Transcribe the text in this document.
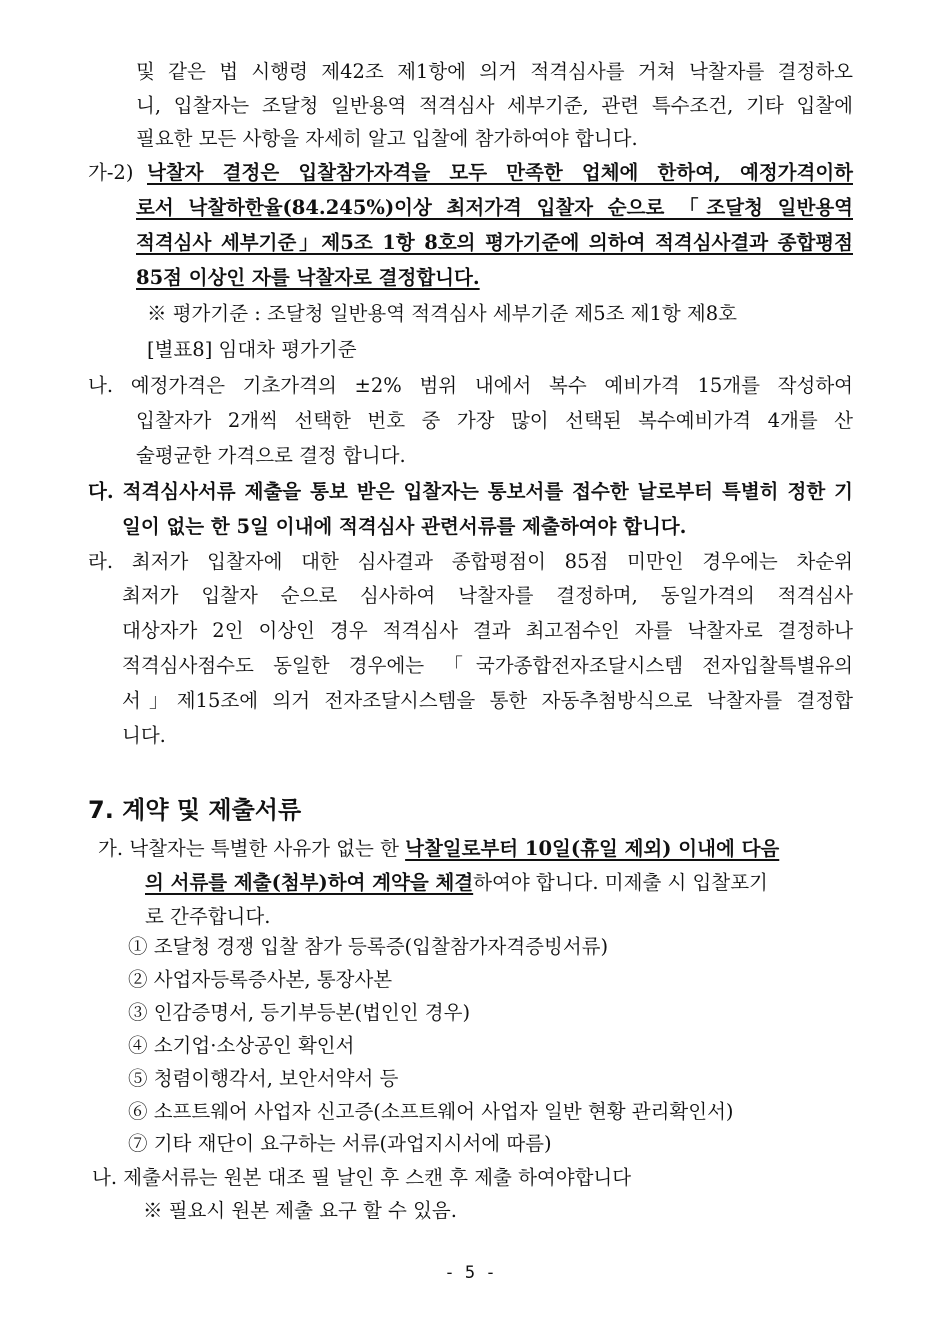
및 같은 법 시행령 제42조 제1항에 의거 적격심사를 거쳐 낙찰자를 결정하오
니, 입찰자는 조달청 일반용역 적격심사 세부기준, 관련 특수조건, 기타 입찰에
필요한 모든 사항을 자세히 알고 입찰에 참가하여야 합니다.
가-2) 낙찰자 결정은 입찰참가자격을 모두 만족한 업체에 한하여, 예정가격이하
로서 낙찰하한율(84.245%)이상 최저가격 입찰자 순으로 「조달청 일반용역
적격심사 세부기준」제5조 1항 8호의 평가기준에 의하여 적격심사결과 종합평점
85점 이상인 자를 낙찰자로 결정합니다.
※ 평가기준 : 조달청 일반용역 적격심사 세부기준 제5조 제1항 제8호
[별표8] 임대차 평가기준
나. 예정가격은 기초가격의 ±2% 범위 내에서 복수 예비가격 15개를 작성하여
입찰자가 2개씩 선택한 번호 중 가장 많이 선택된 복수예비가격 4개를 산
술평균한 가격으로 결정 합니다.
다. 적격심사서류 제출을 통보 받은 입찰자는 통보서를 접수한 날로부터 특별히 정한 기
일이 없는 한 5일 이내에 적격심사 관련서류를 제출하여야 합니다.
라. 최저가 입찰자에 대한 심사결과 종합평점이 85점 미만인 경우에는 차순위
최저가 입찰자 순으로 심사하여 낙찰자를 결정하며, 동일가격의 적격심사
대상자가 2인 이상인 경우 적격심사 결과 최고점수인 자를 낙찰자로 결정하나
적격심사점수도 동일한 경우에는 「국가종합전자조달시스템 전자입찰특별유의
서」제15조에 의거 전자조달시스템을 통한 자동추첨방식으로 낙찰자를 결정합
니다.
7. 계약 및 제출서류
가. 낙찰자는 특별한 사유가 없는 한 낙찰일로부터 10일(휴일 제외) 이내에 다음
의 서류를 제출(첨부)하여 계약을 체결하여야 합니다. 미제출 시 입찰포기
로 간주합니다.
① 조달청 경쟁 입찰 참가 등록증(입찰참가자격증빙서류)
② 사업자등록증사본, 통장사본
③ 인감증명서, 등기부등본(법인인 경우)
④ 소기업·소상공인 확인서
⑤ 청렴이행각서, 보안서약서 등
⑥ 소프트웨어 사업자 신고증(소프트웨어 사업자 일반 현황 관리확인서)
⑦ 기타 재단이 요구하는 서류(과업지시서에 따름)
나. 제출서류는 원본 대조 필 날인 후 스캔 후 제출 하여야합니다
※ 필요시 원본 제출 요구 할 수 있음.
- 5 -
